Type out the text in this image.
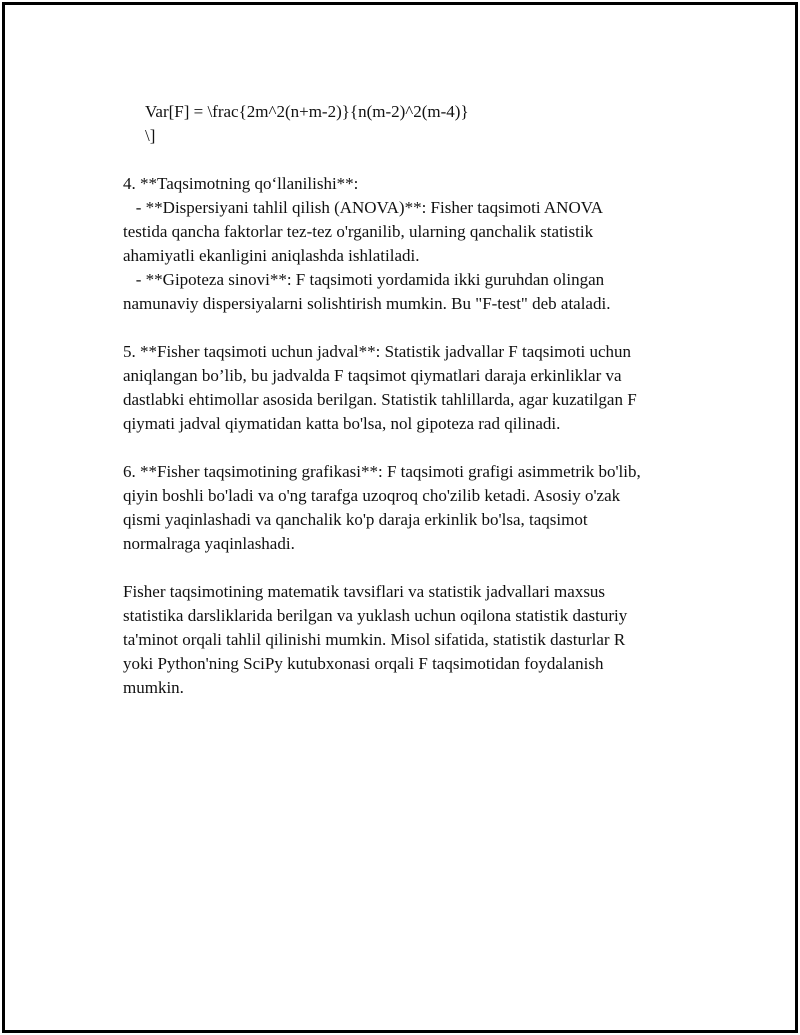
Var[F] = \frac{2m^2(n+m-2)}{n(m-2)^2(m-4)}
\]
4. **Taqsimotning qo‘llanilishi**:
- **Dispersiyani tahlil qilish (ANOVA)**: Fisher taqsimoti ANOVA
testida qancha faktorlar tez-tez o'rganilib, ularning qanchalik statistik
ahamiyatli ekanligini aniqlashda ishlatiladi.
- **Gipoteza sinovi**: F taqsimoti yordamida ikki guruhdan olingan
namunaviy dispersiyalarni solishtirish mumkin. Bu "F-test" deb ataladi.
5. **Fisher taqsimoti uchun jadval**: Statistik jadvallar F taqsimoti uchun
aniqlangan bo’lib, bu jadvalda F taqsimot qiymatlari daraja erkinliklar va
dastlabki ehtimollar asosida berilgan. Statistik tahlillarda, agar kuzatilgan F
qiymati jadval qiymatidan katta bo'lsa, nol gipoteza rad qilinadi.
6. **Fisher taqsimotining grafikasi**: F taqsimoti grafigi asimmetrik bo'lib,
qiyin boshli bo'ladi va o'ng tarafga uzoqroq cho'zilib ketadi. Asosiy o'zak
qismi yaqinlashadi va qanchalik ko'p daraja erkinlik bo'lsa, taqsimot
normalraga yaqinlashadi.
Fisher taqsimotining matematik tavsiflari va statistik jadvallari maxsus
statistika darsliklarida berilgan va yuklash uchun oqilona statistik dasturiy
ta'minot orqali tahlil qilinishi mumkin. Misol sifatida, statistik dasturlar R
yoki Python'ning SciPy kutubxonasi orqali F taqsimotidan foydalanish
mumkin.
